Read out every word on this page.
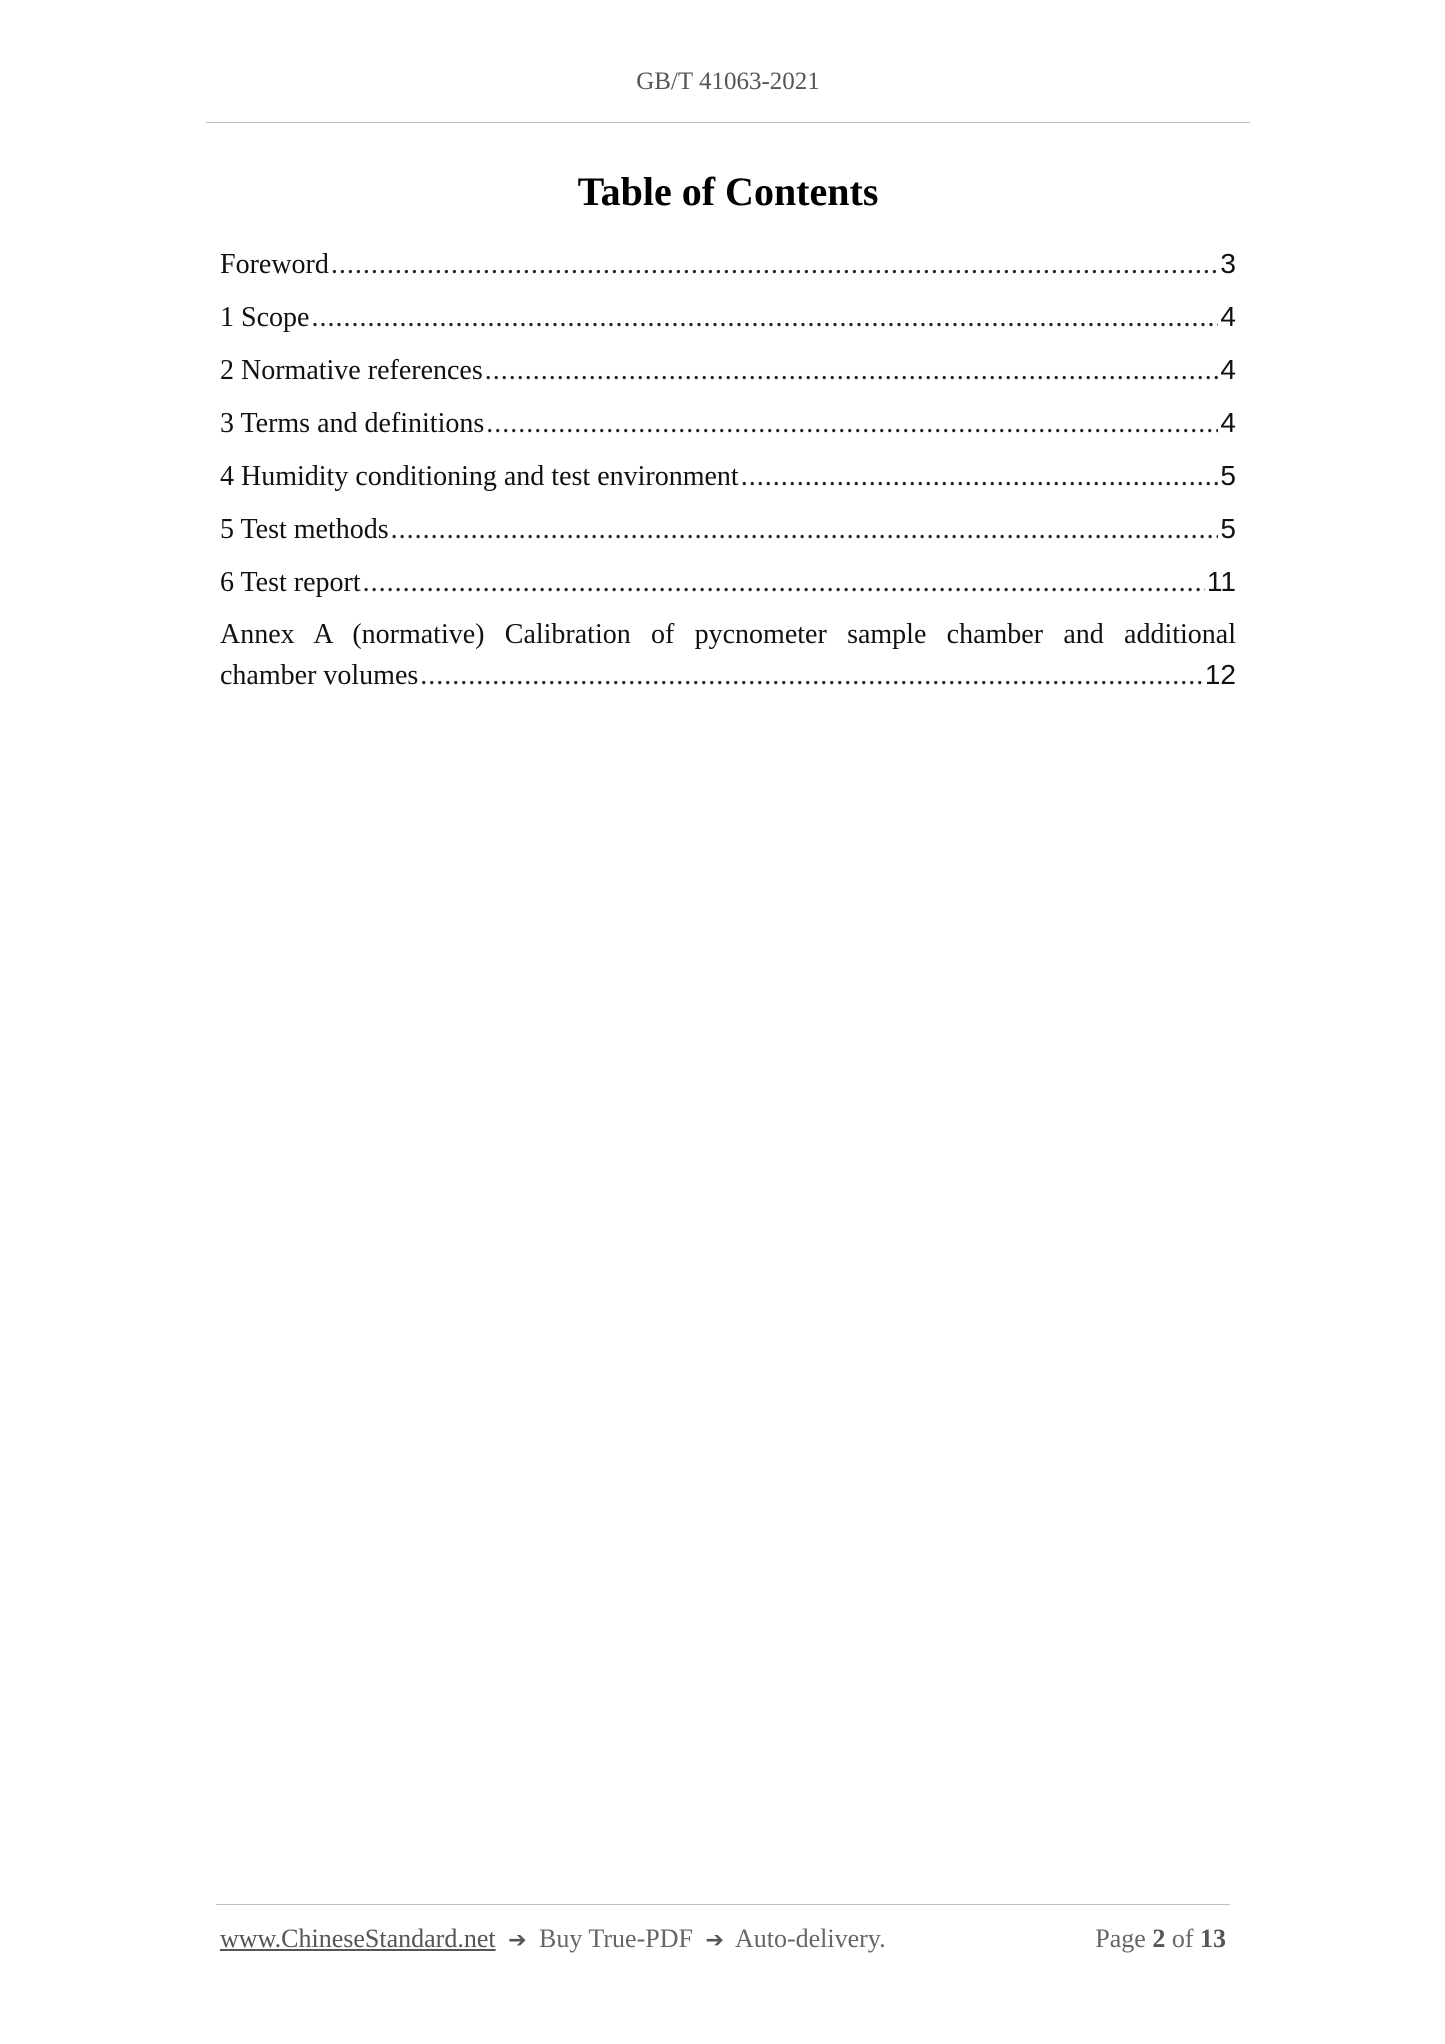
GB/T 41063-2021
Table of Contents
Foreword .....	3
1 Scope .....	4
2 Normative references .....	4
3 Terms and definitions .....	4
4 Humidity conditioning and test environment .....	5
5 Test methods .....	5
6 Test report .....	11
Annex A (normative) Calibration of pycnometer sample chamber and additional
chamber volumes .....	12
www.ChineseStandard.net ➔ Buy True-PDF ➔ Auto-delivery.	Page 2 of 13
